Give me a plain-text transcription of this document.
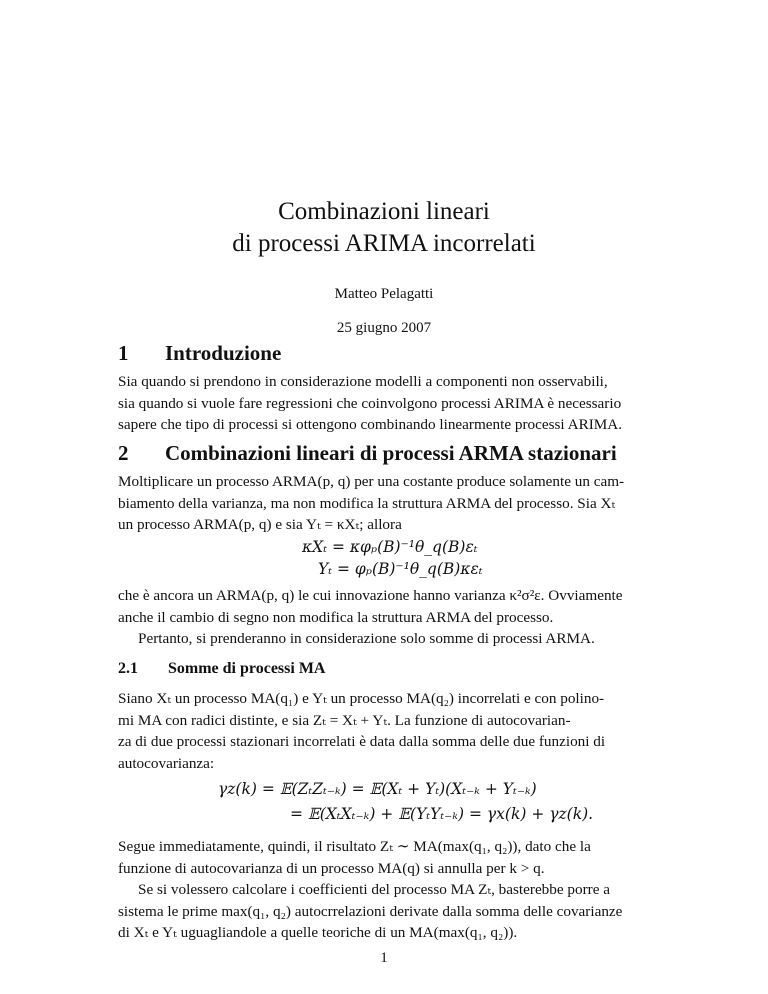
Combinazioni lineari
di processi ARIMA incorrelati
Matteo Pelagatti
25 giugno 2007
1 Introduzione
Sia quando si prendono in considerazione modelli a componenti non osservabili,
sia quando si vuole fare regressioni che coinvolgono processi ARIMA è necessario
sapere che tipo di processi si ottengono combinando linearmente processi ARIMA.
2 Combinazioni lineari di processi ARMA stazionari
Moltiplicare un processo ARMA(p, q) per una costante produce solamente un cam-
biamento della varianza, ma non modifica la struttura ARMA del processo. Sia Xₜ
un processo ARMA(p, q) e sia Yₜ = κXₜ; allora
κXₜ = κφₚ(B)⁻¹θ_q(B)εₜ
Yₜ = φₚ(B)⁻¹θ_q(B)κεₜ
che è ancora un ARMA(p, q) le cui innovazione hanno varianza κ²σ²ε. Ovviamente
anche il cambio di segno non modifica la struttura ARMA del processo.
Pertanto, si prenderanno in considerazione solo somme di processi ARMA.
2.1 Somme di processi MA
Siano Xₜ un processo MA(q₁) e Yₜ un processo MA(q₂) incorrelati e con polino-
mi MA con radici distinte, e sia Zₜ = Xₜ + Yₜ. La funzione di autocovarian-
za di due processi stazionari incorrelati è data dalla somma delle due funzioni di
autocovarianza:
γz(k) = 𝔼(ZₜZₜ₋ₖ) = 𝔼(Xₜ + Yₜ)(Xₜ₋ₖ + Yₜ₋ₖ)
= 𝔼(XₜXₜ₋ₖ) + 𝔼(YₜYₜ₋ₖ) = γx(k) + γz(k).
Segue immediatamente, quindi, il risultato Zₜ ∼ MA(max(q₁, q₂)), dato che la
funzione di autocovarianza di un processo MA(q) si annulla per k > q.
Se si volessero calcolare i coefficienti del processo MA Zₜ, basterebbe porre a
sistema le prime max(q₁, q₂) autocrrelazioni derivate dalla somma delle covarianze
di Xₜ e Yₜ uguagliandole a quelle teoriche di un MA(max(q₁, q₂)).
1
